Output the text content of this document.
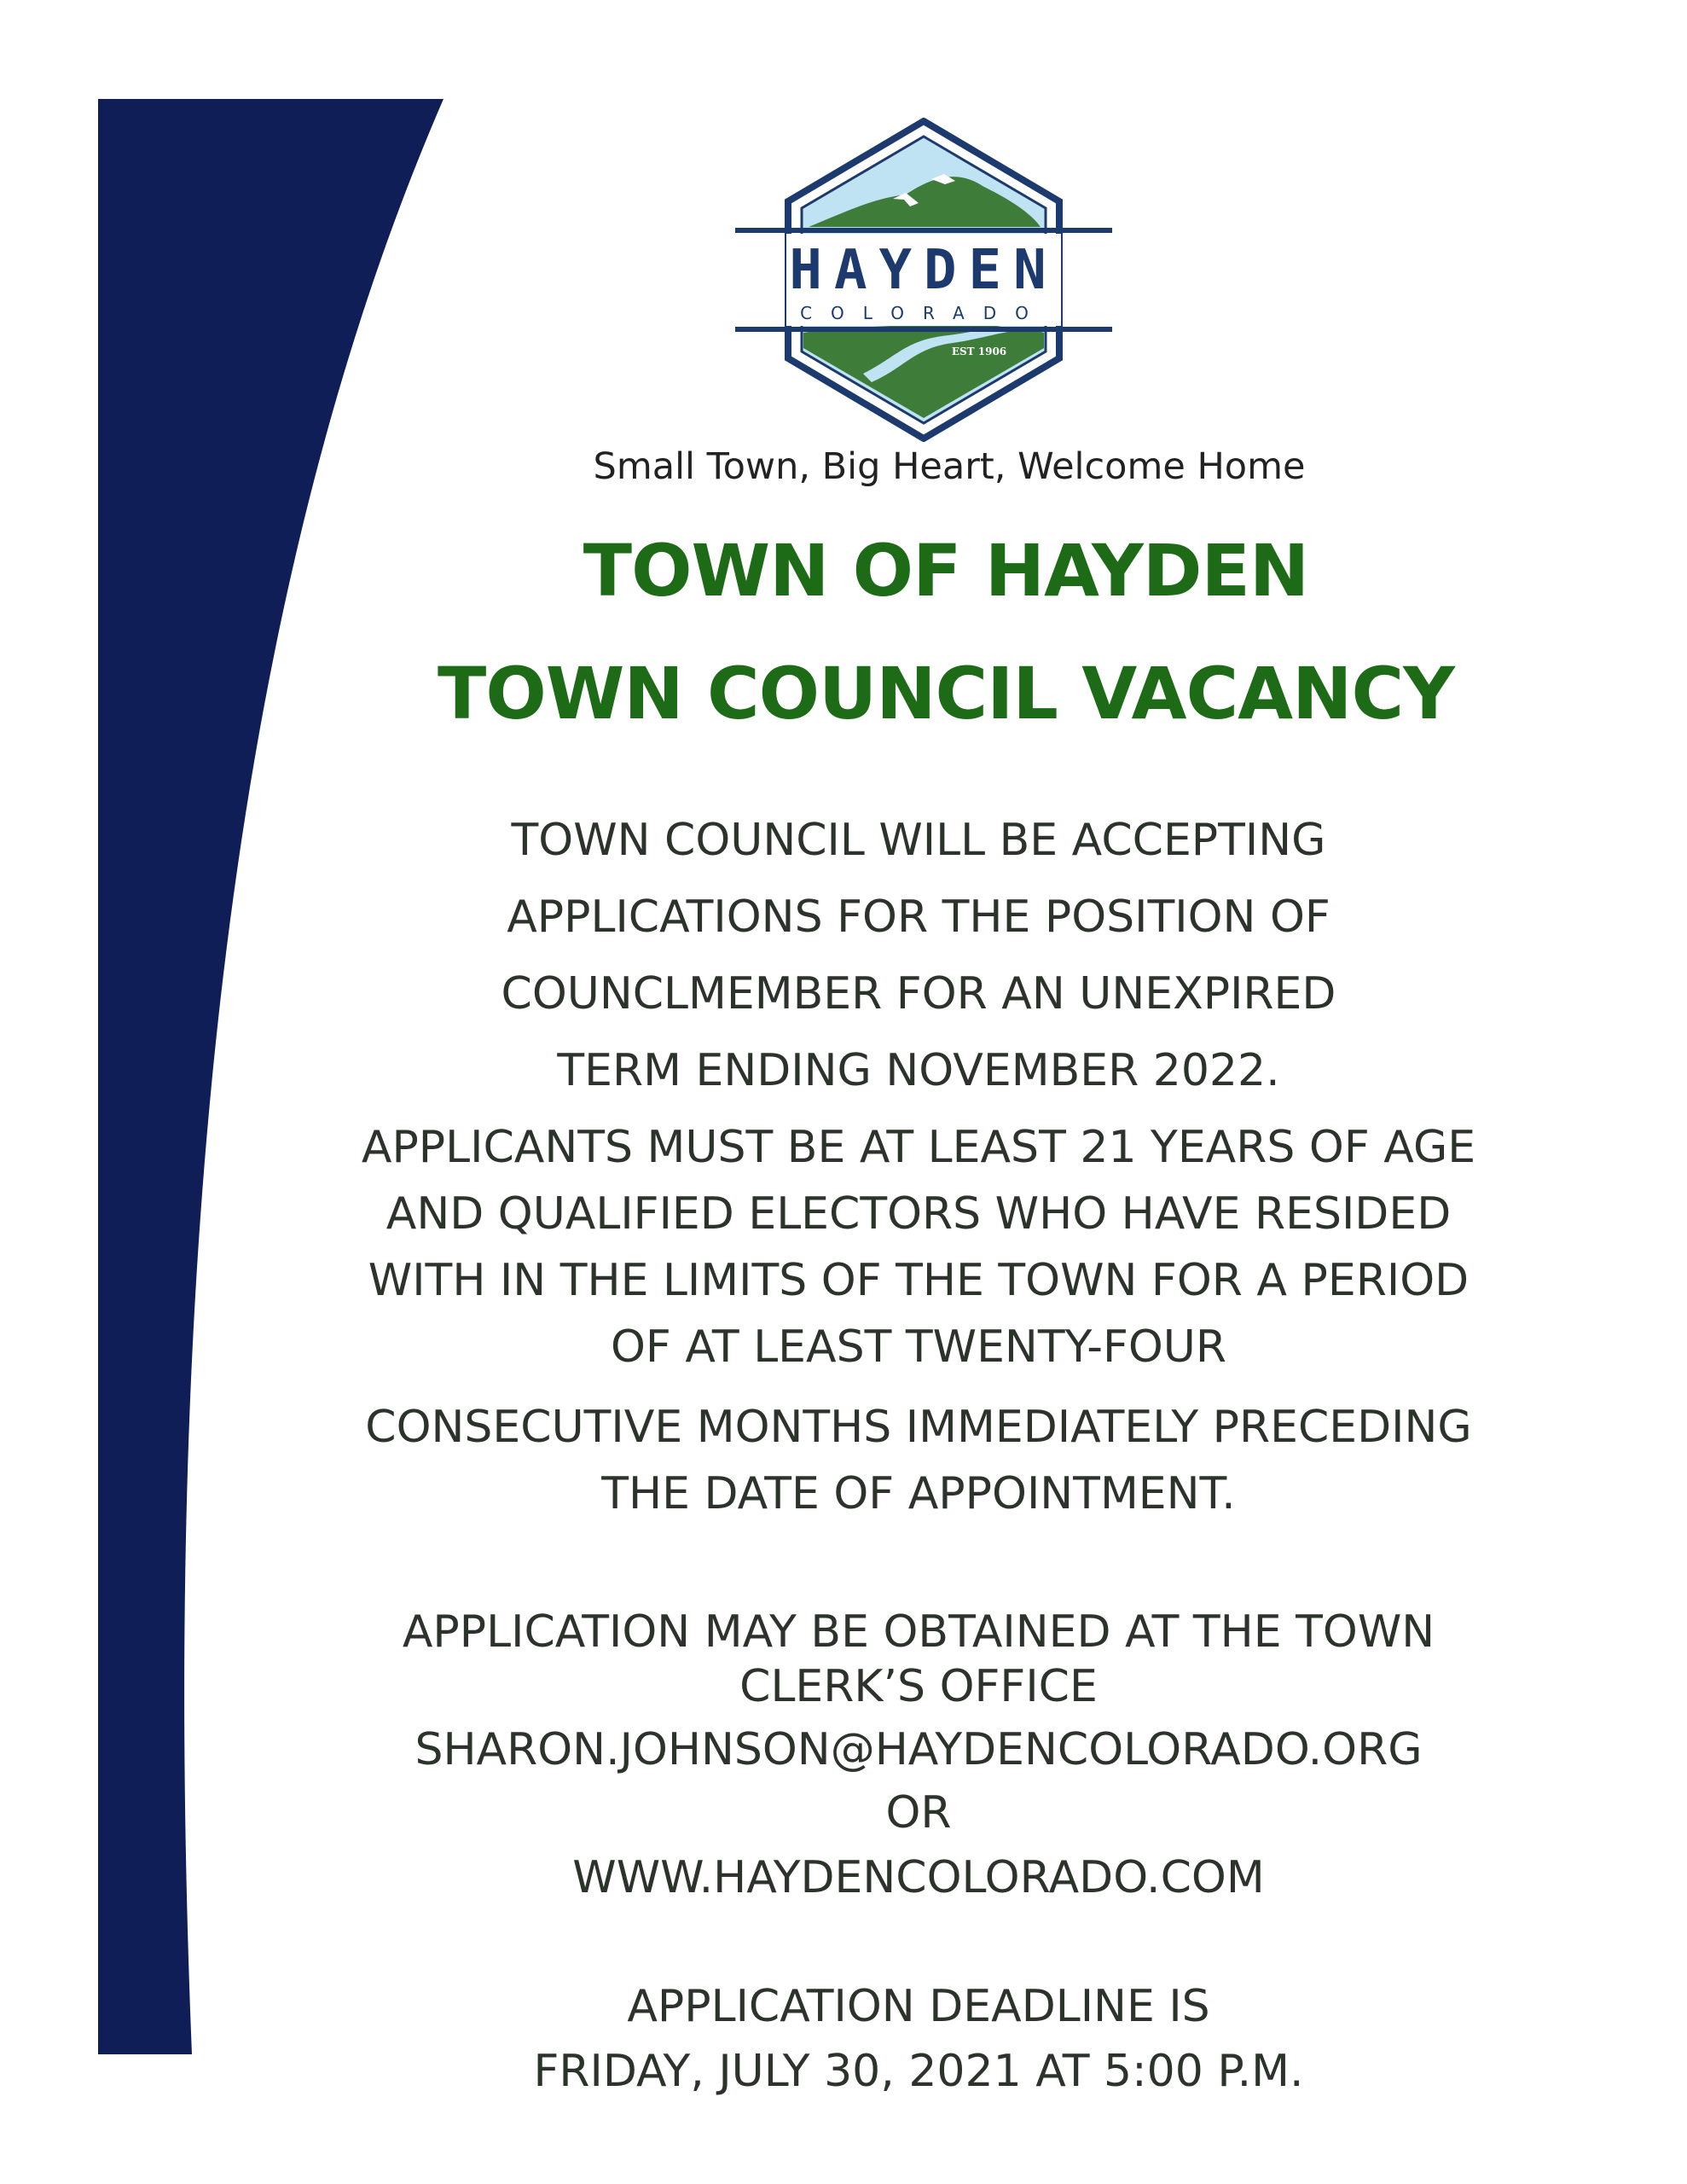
HAYDEN
COLORADO
EST 1906

Small Town, Big Heart, Welcome Home

TOWN OF HAYDEN
TOWN COUNCIL VACANCY

TOWN COUNCIL WILL BE ACCEPTING

APPLICATIONS FOR THE POSITION OF

COUNCLMEMBER FOR AN UNEXPIRED

TERM ENDING NOVEMBER 2022.

APPLICANTS MUST BE AT LEAST 21 YEARS OF AGE

AND QUALIFIED ELECTORS WHO HAVE RESIDED

WITH IN THE LIMITS OF THE TOWN FOR A PERIOD

OF AT LEAST TWENTY-FOUR

CONSECUTIVE MONTHS IMMEDIATELY PRECEDING

THE DATE OF APPOINTMENT.

APPLICATION MAY BE OBTAINED AT THE TOWN

CLERK’S OFFICE

SHARON.JOHNSON@HAYDENCOLORADO.ORG

OR

WWW.HAYDENCOLORADO.COM

APPLICATION DEADLINE IS

FRIDAY, JULY 30, 2021 AT 5:00 P.M.
